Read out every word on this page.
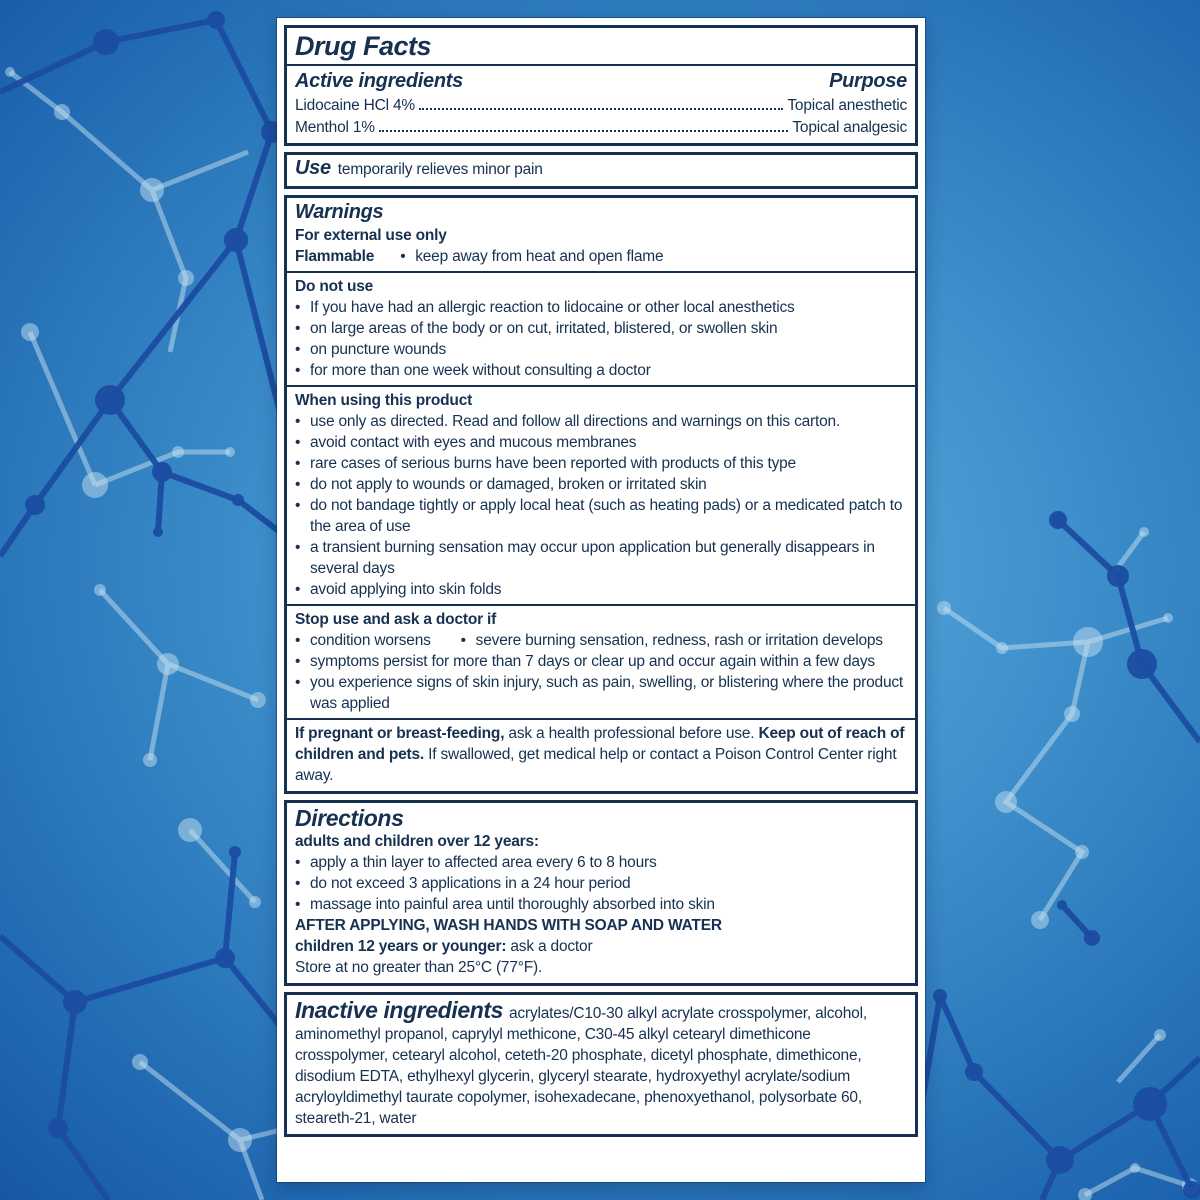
Drug Facts
Active ingredients	Purpose
Lidocaine HCl 4%	Topical anesthetic
Menthol 1%	Topical analgesic
Use temporarily relieves minor pain
Warnings
For external use only
Flammable	• keep away from heat and open flame
Do not use
• If you have had an allergic reaction to lidocaine or other local anesthetics
• on large areas of the body or on cut, irritated, blistered, or swollen skin
• on puncture wounds
• for more than one week without consulting a doctor
When using this product
• use only as directed. Read and follow all directions and warnings on this carton.
• avoid contact with eyes and mucous membranes
• rare cases of serious burns have been reported with products of this type
• do not apply to wounds or damaged, broken or irritated skin
• do not bandage tightly or apply local heat (such as heating pads) or a medicated patch to the area of use
• a transient burning sensation may occur upon application but generally disappears in several days
• avoid applying into skin folds
Stop use and ask a doctor if
• condition worsens	• severe burning sensation, redness, rash or irritation develops
• symptoms persist for more than 7 days or clear up and occur again within a few days
• you experience signs of skin injury, such as pain, swelling, or blistering where the product was applied

If pregnant or breast-feeding, ask a health professional before use. Keep out of reach of children and pets. If swallowed, get medical help or contact a Poison Control Center right away.

Directions
adults and children over 12 years:
• apply a thin layer to affected area every 6 to 8 hours
• do not exceed 3 applications in a 24 hour period
• massage into painful area until thoroughly absorbed into skin
AFTER APPLYING, WASH HANDS WITH SOAP AND WATER
children 12 years or younger: ask a doctor
Store at no greater than 25°C (77°F).

Inactive ingredients acrylates/C10-30 alkyl acrylate crosspolymer, alcohol, aminomethyl propanol, caprylyl methicone, C30-45 alkyl cetearyl dimethicone crosspolymer, cetearyl alcohol, ceteth-20 phosphate, dicetyl phosphate, dimethicone, disodium EDTA, ethylhexyl glycerin, glyceryl stearate, hydroxyethyl acrylate/sodium acryloyldimethyl taurate copolymer, isohexadecane, phenoxyethanol, polysorbate 60, steareth-21, water
